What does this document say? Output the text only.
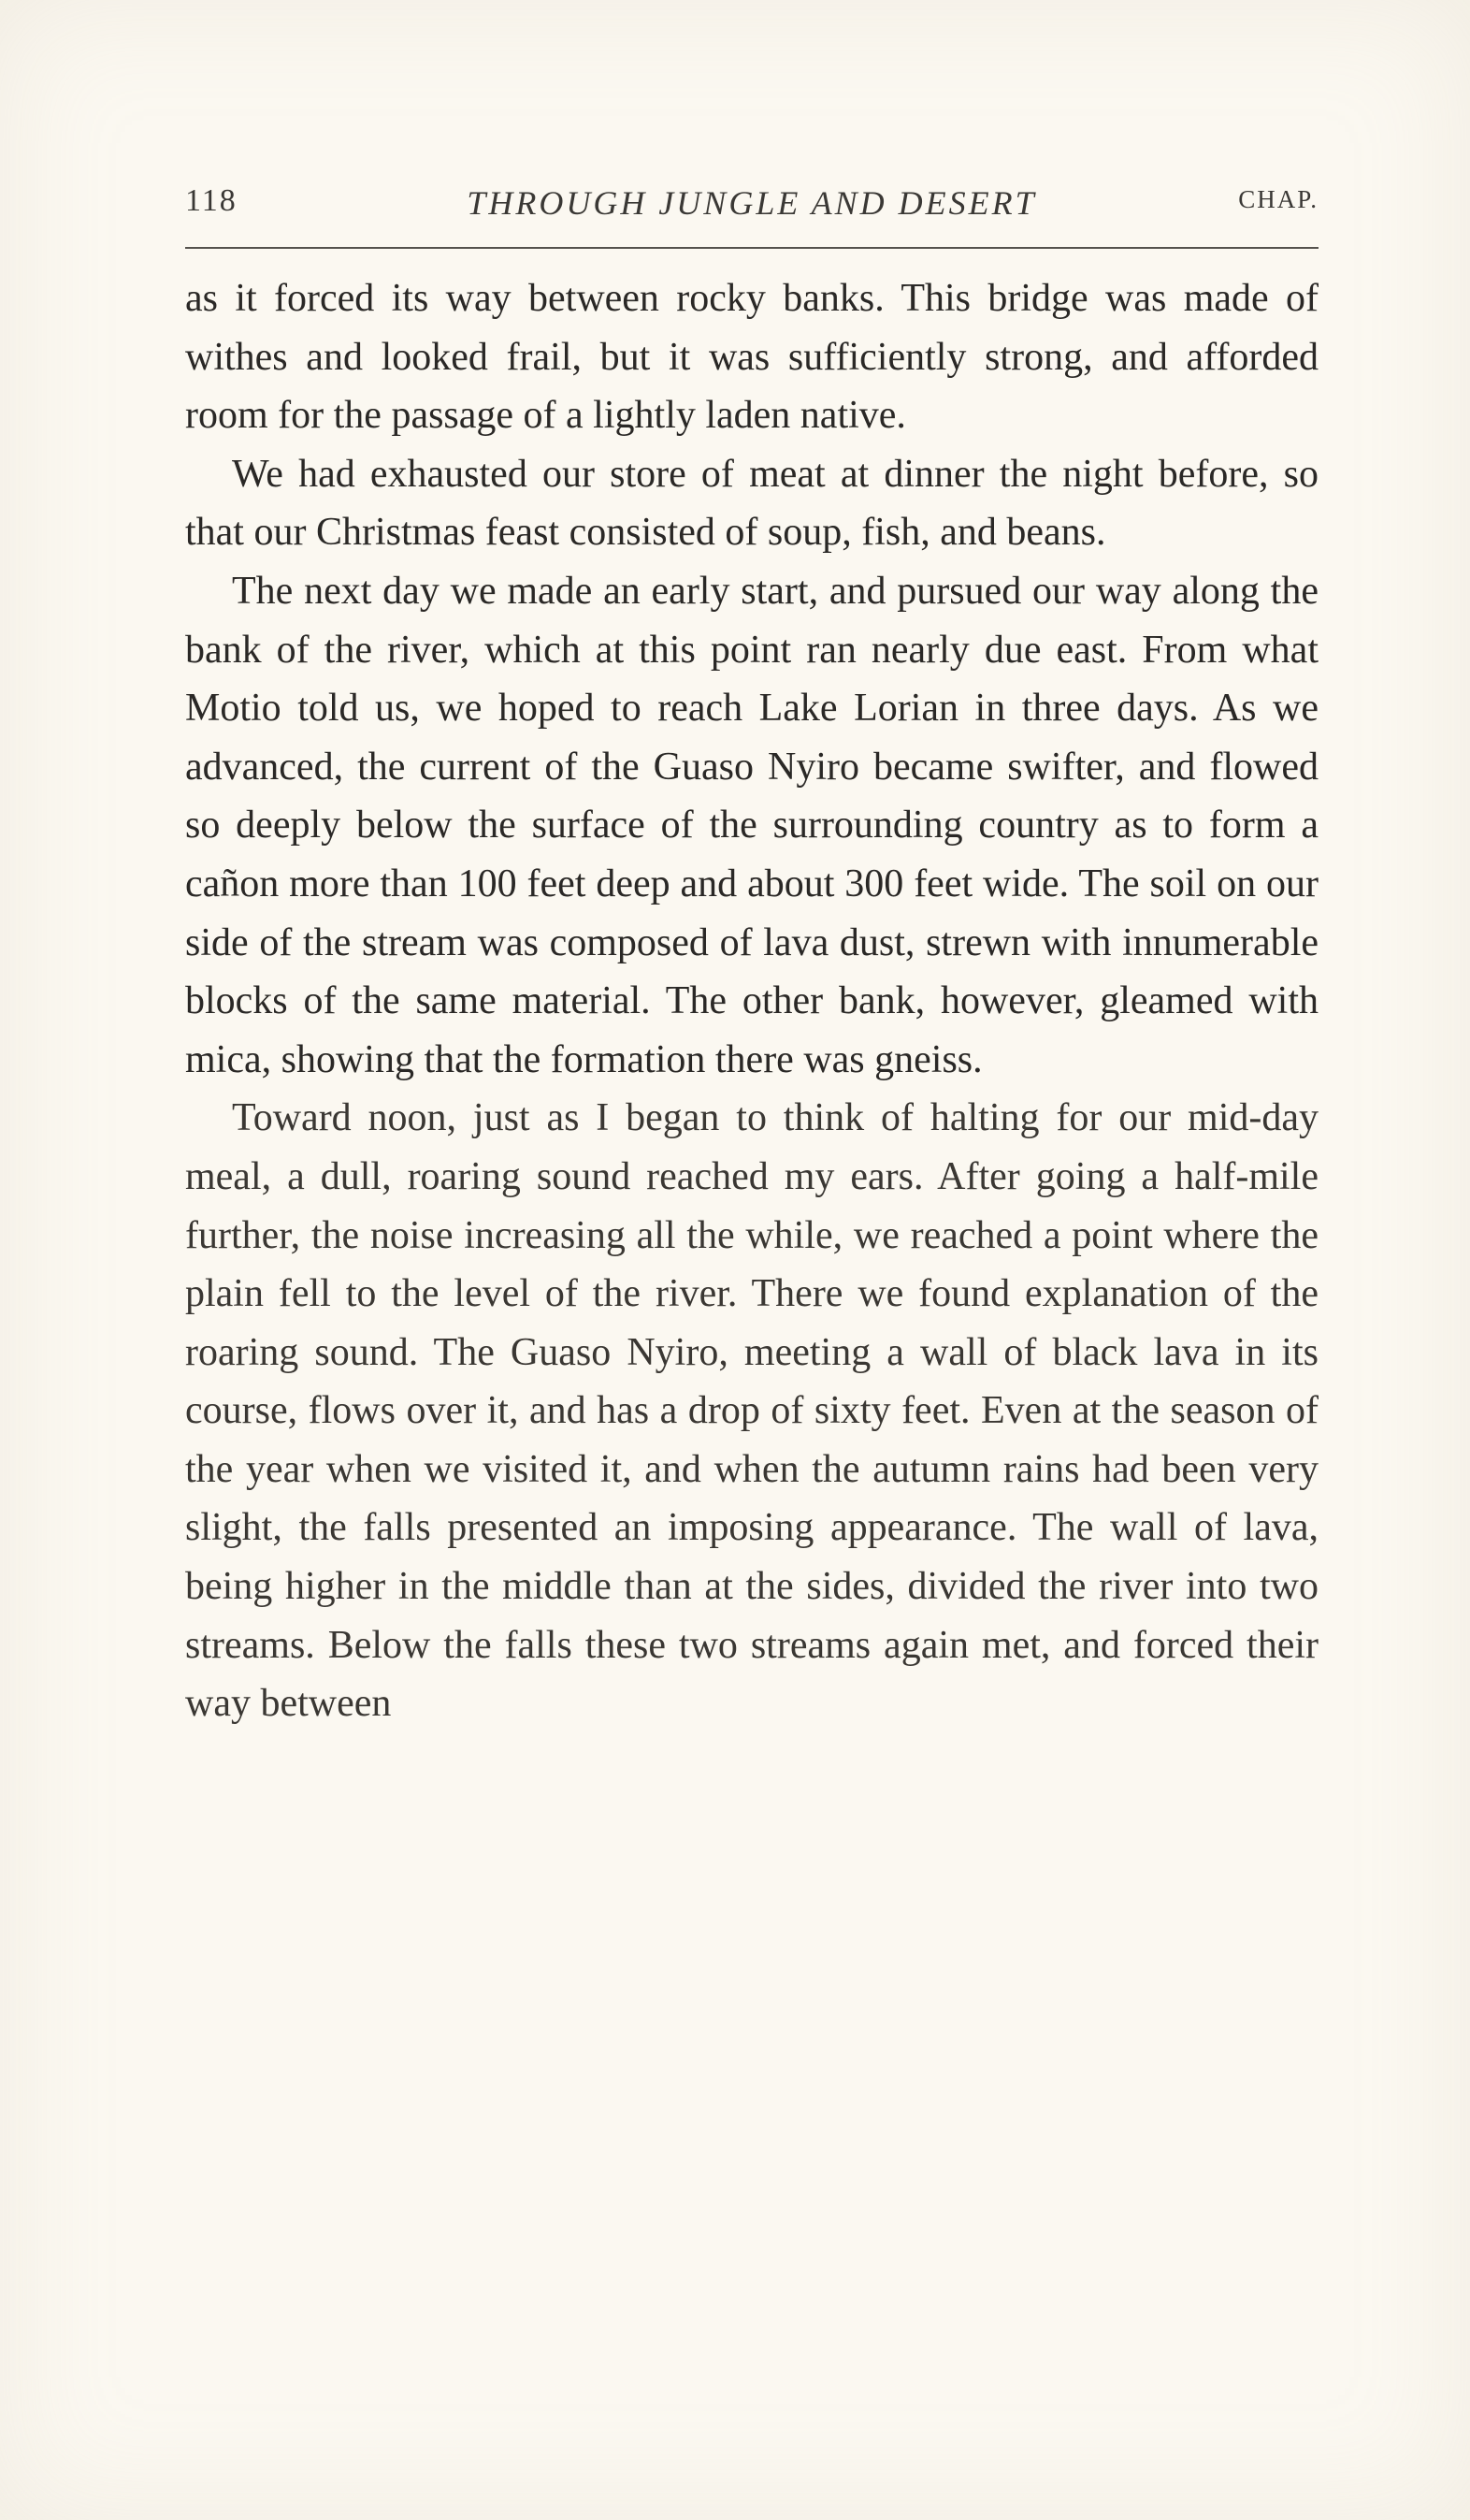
118	THROUGH JUNGLE AND DESERT	CHAP.

as it forced its way between rocky banks. This bridge was made of withes and looked frail, but it was sufficiently strong, and afforded room for the passage of a lightly laden native.

We had exhausted our store of meat at dinner the night before, so that our Christmas feast consisted of soup, fish, and beans.

The next day we made an early start, and pursued our way along the bank of the river, which at this point ran nearly due east. From what Motio told us, we hoped to reach Lake Lorian in three days. As we advanced, the current of the Guaso Nyiro became swifter, and flowed so deeply below the surface of the surrounding country as to form a cañon more than 100 feet deep and about 300 feet wide. The soil on our side of the stream was composed of lava dust, strewn with innumerable blocks of the same material. The other bank, however, gleamed with mica, showing that the formation there was gneiss.

Toward noon, just as I began to think of halting for our mid-day meal, a dull, roaring sound reached my ears. After going a half-mile further, the noise increasing all the while, we reached a point where the plain fell to the level of the river. There we found explanation of the roaring sound. The Guaso Nyiro, meeting a wall of black lava in its course, flows over it, and has a drop of sixty feet. Even at the season of the year when we visited it, and when the autumn rains had been very slight, the falls presented an imposing appearance. The wall of lava, being higher in the middle than at the sides, divided the river into two streams. Below the falls these two streams again met, and forced their way between
